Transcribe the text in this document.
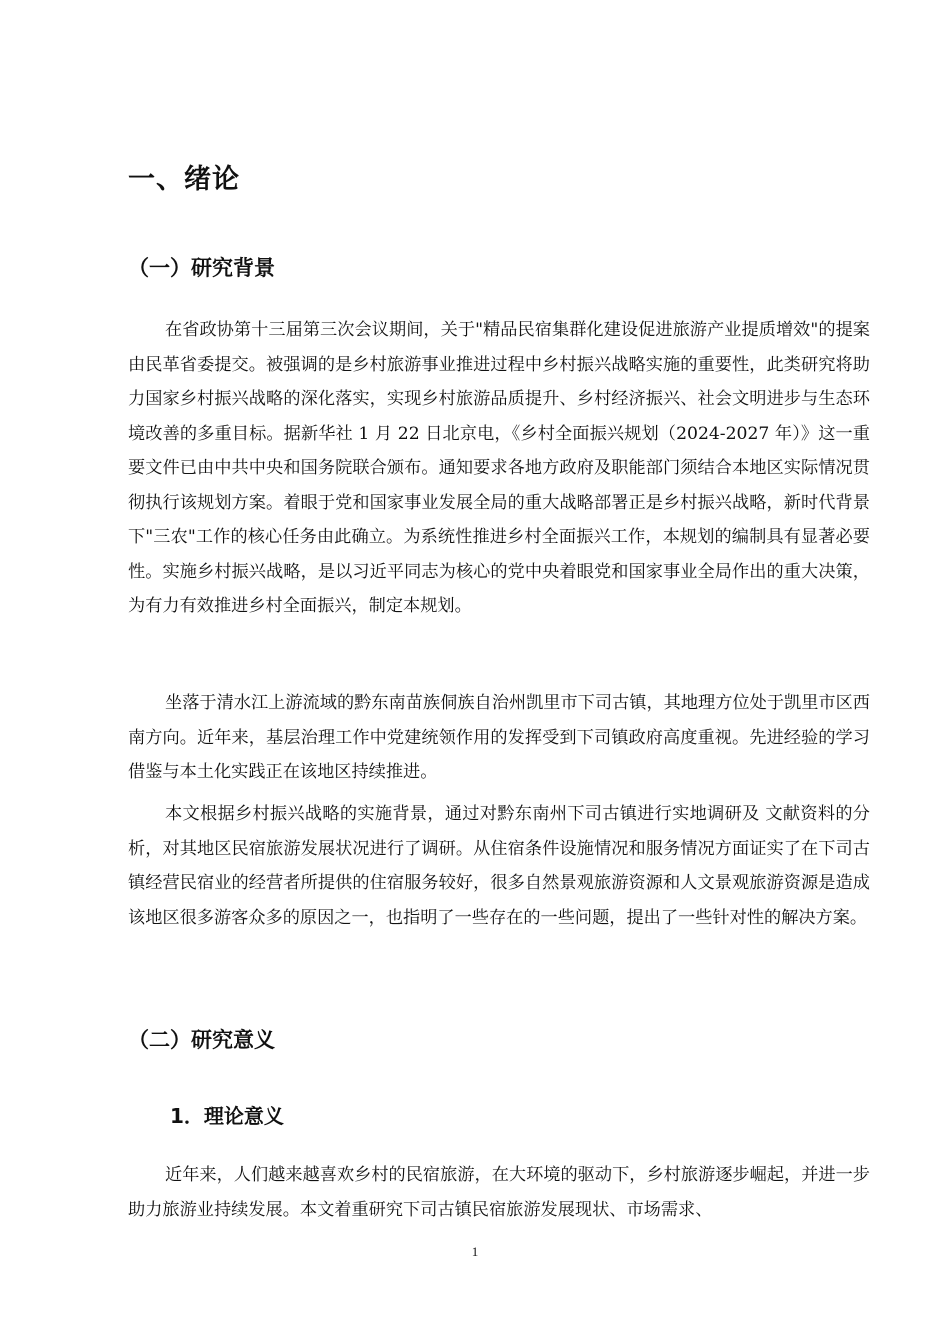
一、绪论
（一）研究背景

在省政协第十三届第三次会议期间，关于"精品民宿集群化建设促进旅游产业提质增效"的提案由民革省委提交。被强调的是乡村旅游事业推进过程中乡村振兴战略实施的重要性，此类研究将助力国家乡村振兴战略的深化落实，实现乡村旅游品质提升、乡村经济振兴、社会文明进步与生态环境改善的多重目标。据新华社 1 月 22 日北京电，《乡村全面振兴规划（2024-2027 年）》这一重要文件已由中共中央和国务院联合颁布。通知要求各地方政府及职能部门须结合本地区实际情况贯彻执行该规划方案。着眼于党和国家事业发展全局的重大战略部署正是乡村振兴战略，新时代背景下"三农"工作的核心任务由此确立。为系统性推进乡村全面振兴工作，本规划的编制具有显著必要性。实施乡村振兴战略，是以习近平同志为核心的党中央着眼党和国家事业全局作出的重大决策，为有力有效推进乡村全面振兴，制定本规划。

坐落于清水江上游流域的黔东南苗族侗族自治州凯里市下司古镇，其地理方位处于凯里市区西南方向。近年来，基层治理工作中党建统领作用的发挥受到下司镇政府高度重视。先进经验的学习借鉴与本土化实践正在该地区持续推进。

本文根据乡村振兴战略的实施背景，通过对黔东南州下司古镇进行实地调研及 文献资料的分析，对其地区民宿旅游发展状况进行了调研。从住宿条件设施情况和服务情况方面证实了在下司古镇经营民宿业的经营者所提供的住宿服务较好，很多自然景观旅游资源和人文景观旅游资源是造成该地区很多游客众多的原因之一，也指明了一些存在的一些问题，提出了一些针对性的解决方案。

（二）研究意义
1．理论意义

近年来，人们越来越喜欢乡村的民宿旅游，在大环境的驱动下，乡村旅游逐步崛起，并进一步助力旅游业持续发展。本文着重研究下司古镇民宿旅游发展现状、市场需求、

1
